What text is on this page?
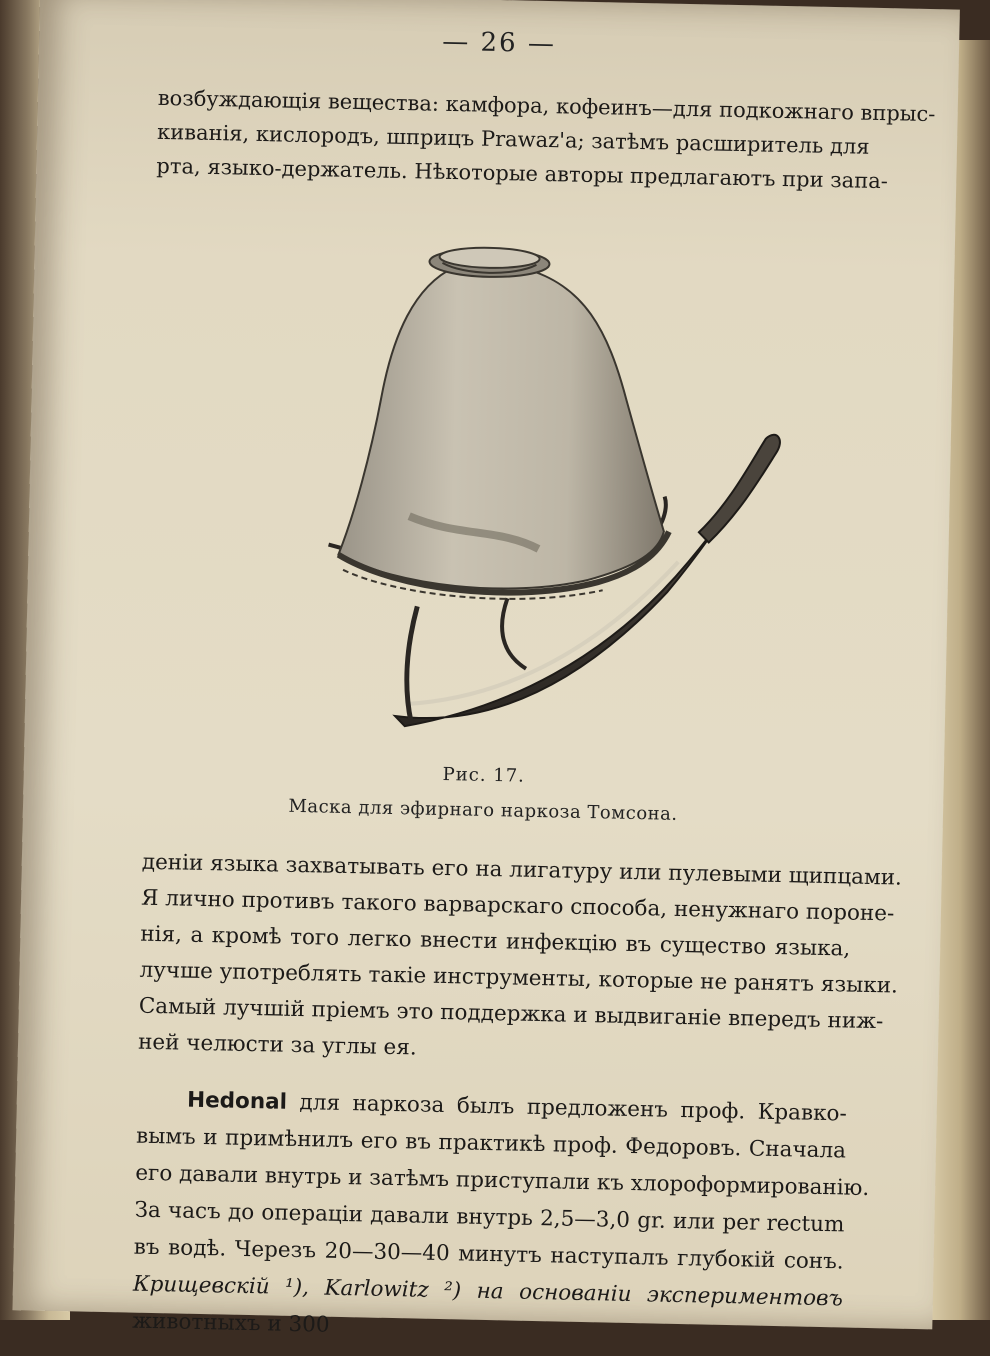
— 26 —
возбуждающія вещества: камфора, кофеинъ—для подкожнаго впрыс-
киванія, кислородъ, шприцъ Prawaz'а; затѣмъ расширитель для
рта, языко-держатель. Нѣкоторые авторы предлагаютъ при запа-
Рис. 17.
Маска для эфирнаго наркоза Томсона.
деніи языка захватывать его на лигатуру или пулевыми щипцами.
Я лично противъ такого варварскаго способа, ненужнаго пороне-
нія, а кромѣ того легко внести инфекцію въ существо языка,
лучше употреблять такіе инструменты, которые не ранятъ языки.
Самый лучшій пріемъ это поддержка и выдвиганіе впередъ ниж-
ней челюсти за углы ея.
Hedonal для наркоза былъ предложенъ проф. Кравко-
вымъ и примѣнилъ его въ практикѣ проф. Федоровъ. Сначала
его давали внутрь и затѣмъ приступали къ хлороформированію.
За часъ до операціи давали внутрь 2,5—3,0 gr. или per rectum
въ водѣ. Черезъ 20—30—40 минутъ наступалъ глубокій сонъ.
Крищевскій ¹), Karlowitz ²) на основаніи экспериментовъ
животныхъ и 300
